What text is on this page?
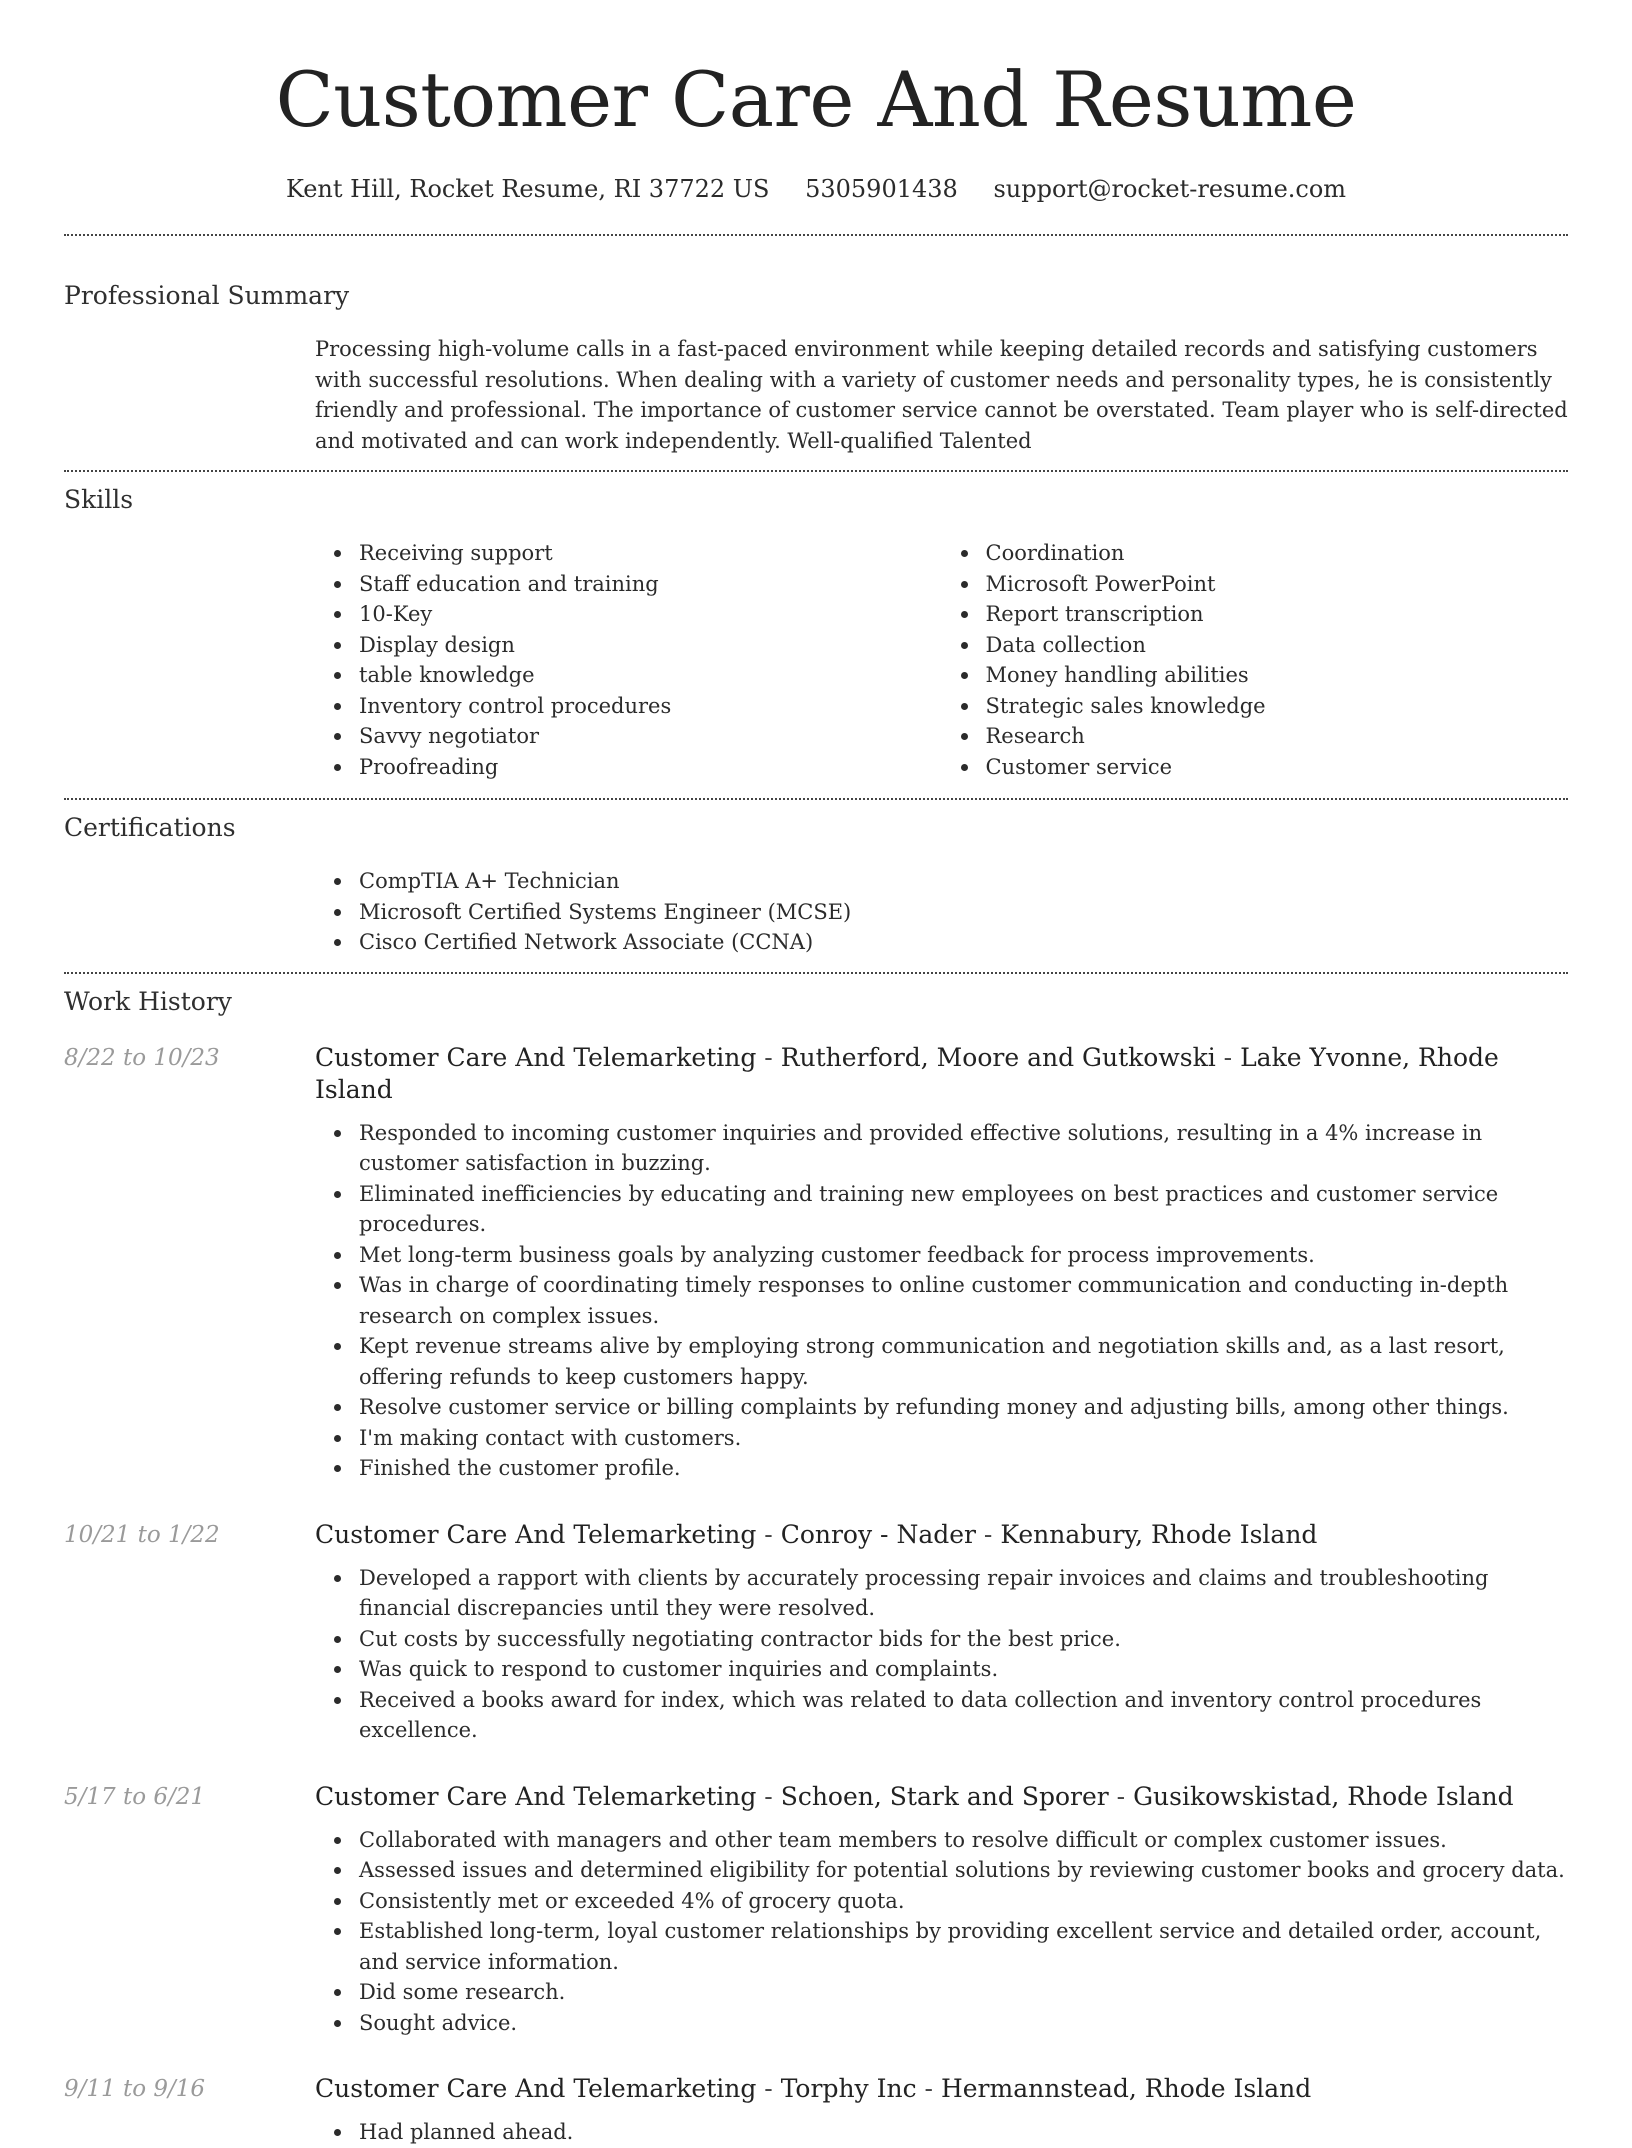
Customer Care And Resume
Kent Hill, Rocket Resume, RI 37722 US 5305901438 support@rocket-resume.com
Professional Summary

Processing high-volume calls in a fast-paced environment while keeping detailed records and satisfying customers with successful resolutions. When dealing with a variety of customer needs and personality types, he is consistently friendly and professional. The importance of customer service cannot be overstated. Team player who is self-directed and motivated and can work independently. Well-qualified Talented

Skills
Receiving support
Staff education and training
10-Key
Display design
table knowledge
Inventory control procedures
Savvy negotiator
Proofreading
Coordination
Microsoft PowerPoint
Report transcription
Data collection
Money handling abilities
Strategic sales knowledge
Research
Customer service
Certifications
CompTIA A+ Technician
Microsoft Certified Systems Engineer (MCSE)
Cisco Certified Network Associate (CCNA)
Work History
8/22 to 10/23	Customer Care And Telemarketing - Rutherford, Moore and Gutkowski - Lake Yvonne, Rhode Island
Responded to incoming customer inquiries and provided effective solutions, resulting in a 4% increase in customer satisfaction in buzzing.
Eliminated inefficiencies by educating and training new employees on best practices and customer service procedures.
Met long-term business goals by analyzing customer feedback for process improvements.
Was in charge of coordinating timely responses to online customer communication and conducting in-depth research on complex issues.
Kept revenue streams alive by employing strong communication and negotiation skills and, as a last resort, offering refunds to keep customers happy.
Resolve customer service or billing complaints by refunding money and adjusting bills, among other things.
I'm making contact with customers.
Finished the customer profile.
10/21 to 1/22	Customer Care And Telemarketing - Conroy - Nader - Kennabury, Rhode Island
Developed a rapport with clients by accurately processing repair invoices and claims and troubleshooting financial discrepancies until they were resolved.
Cut costs by successfully negotiating contractor bids for the best price.
Was quick to respond to customer inquiries and complaints.
Received a books award for index, which was related to data collection and inventory control procedures excellence.
5/17 to 6/21	Customer Care And Telemarketing - Schoen, Stark and Sporer - Gusikowskistad, Rhode Island
Collaborated with managers and other team members to resolve difficult or complex customer issues.
Assessed issues and determined eligibility for potential solutions by reviewing customer books and grocery data.
Consistently met or exceeded 4% of grocery quota.
Established long-term, loyal customer relationships by providing excellent service and detailed order, account, and service information.
Did some research.
Sought advice.
9/11 to 9/16	Customer Care And Telemarketing - Torphy Inc - Hermannstead, Rhode Island
Had planned ahead.
